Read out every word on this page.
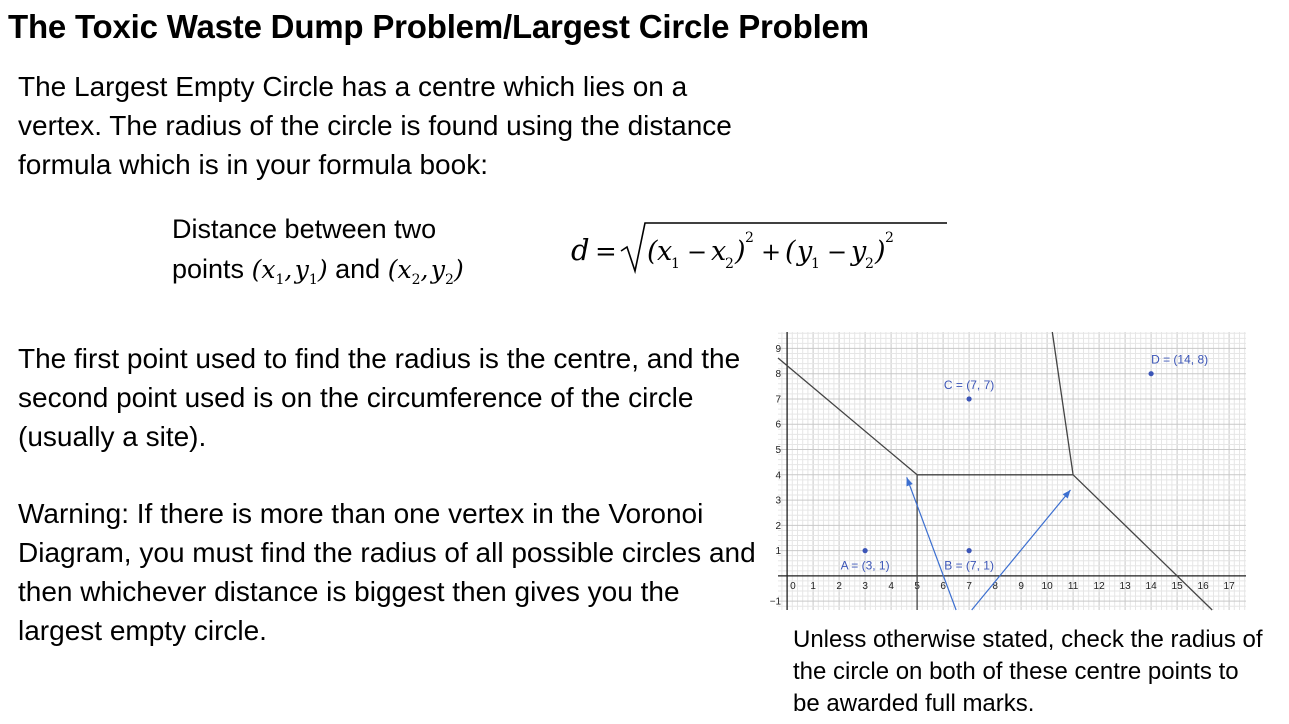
The Toxic Waste Dump Problem/Largest Circle Problem

The Largest Empty Circle has a centre which lies on a vertex. The radius of the circle is found using the distance formula which is in your formula book:

Distance between two
points ($x_1$, $y_1$) and ($x_2$, $y_2$)
d = ( x
1 − x
2 ) 2 + ( y
1 − y
2 ) 2

The first point used to find the radius is the centre, and the second point used is on the circumference of the circle (usually a site).

Warning: If there is more than one vertex in the Voronoi Diagram, you must find the radius of all possible circles and then whichever distance is biggest then gives you the largest empty circle.

0 1 2 3 4 5 6 7 8 9 10 11 12 13 14 15 16 17
−1
1
2
3
4
5
6
7
8
9
A = (3, 1)	B = (7, 1)
C = (7, 7)
D = (14, 8)

Unless otherwise stated, check the radius of the circle on both of these centre points to be awarded full marks.
